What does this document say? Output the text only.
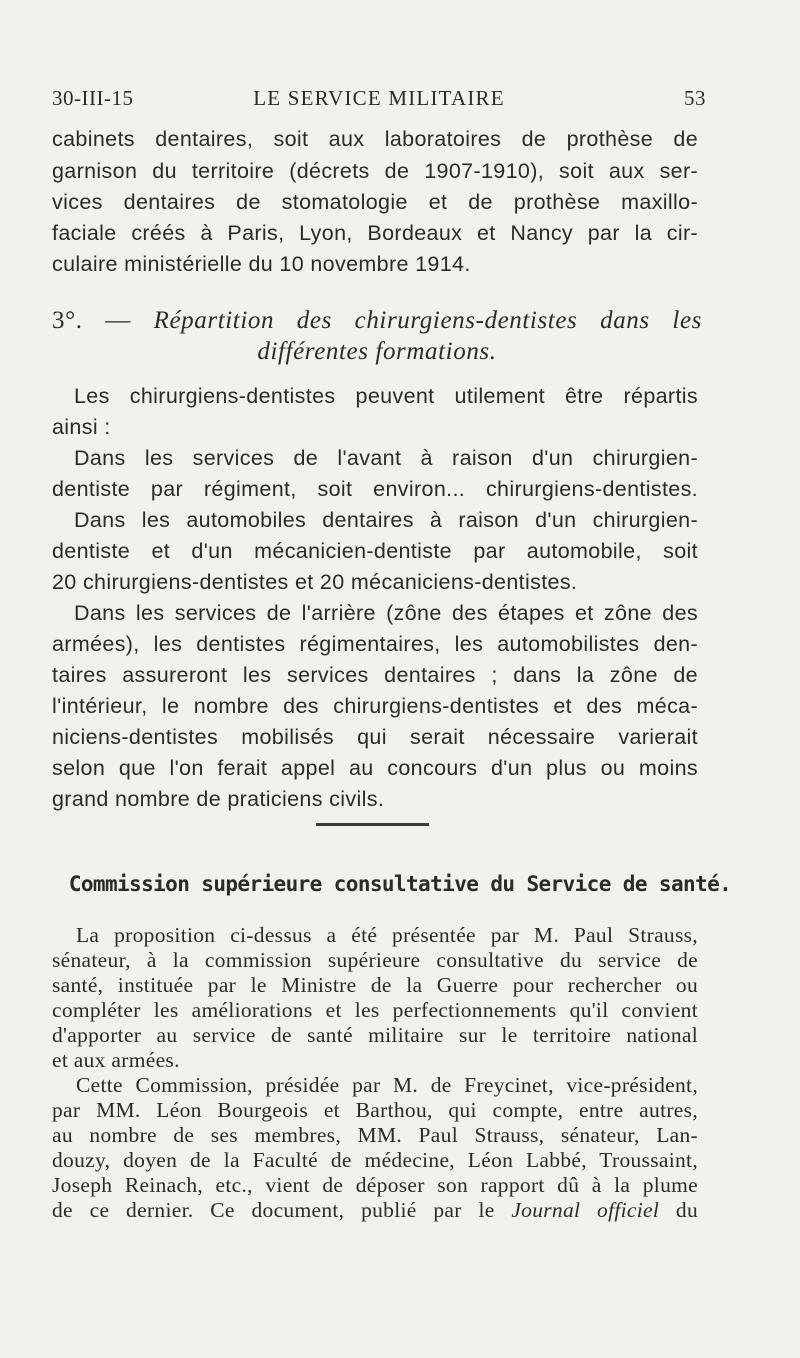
30-III-15	LE SERVICE MILITAIRE	53
cabinets dentaires, soit aux laboratoires de prothèse de
garnison du territoire (décrets de 1907-1910), soit aux ser-
vices dentaires de stomatologie et de prothèse maxillo-
faciale créés à Paris, Lyon, Bordeaux et Nancy par la cir-
culaire ministérielle du 10 novembre 1914.
3°. — Répartition des chirurgiens-dentistes dans les
différentes formations.
Les chirurgiens-dentistes peuvent utilement être répartis
ainsi :
Dans les services de l'avant à raison d'un chirurgien-
dentiste par régiment, soit environ... chirurgiens-dentistes.
Dans les automobiles dentaires à raison d'un chirurgien-
dentiste et d'un mécanicien-dentiste par automobile, soit
20 chirurgiens-dentistes et 20 mécaniciens-dentistes.
Dans les services de l'arrière (zône des étapes et zône des
armées), les dentistes régimentaires, les automobilistes den-
taires assureront les services dentaires ; dans la zône de
l'intérieur, le nombre des chirurgiens-dentistes et des méca-
niciens-dentistes mobilisés qui serait nécessaire varierait
selon que l'on ferait appel au concours d'un plus ou moins
grand nombre de praticiens civils.
Commission supérieure consultative du Service de santé.
La proposition ci-dessus a été présentée par M. Paul Strauss,
sénateur, à la commission supérieure consultative du service de
santé, instituée par le Ministre de la Guerre pour rechercher ou
compléter les améliorations et les perfectionnements qu'il convient
d'apporter au service de santé militaire sur le territoire national
et aux armées.
Cette Commission, présidée par M. de Freycinet, vice-président,
par MM. Léon Bourgeois et Barthou, qui compte, entre autres,
au nombre de ses membres, MM. Paul Strauss, sénateur, Lan-
douzy, doyen de la Faculté de médecine, Léon Labbé, Troussaint,
Joseph Reinach, etc., vient de déposer son rapport dû à la plume
de ce dernier. Ce document, publié par le Journal officiel du
